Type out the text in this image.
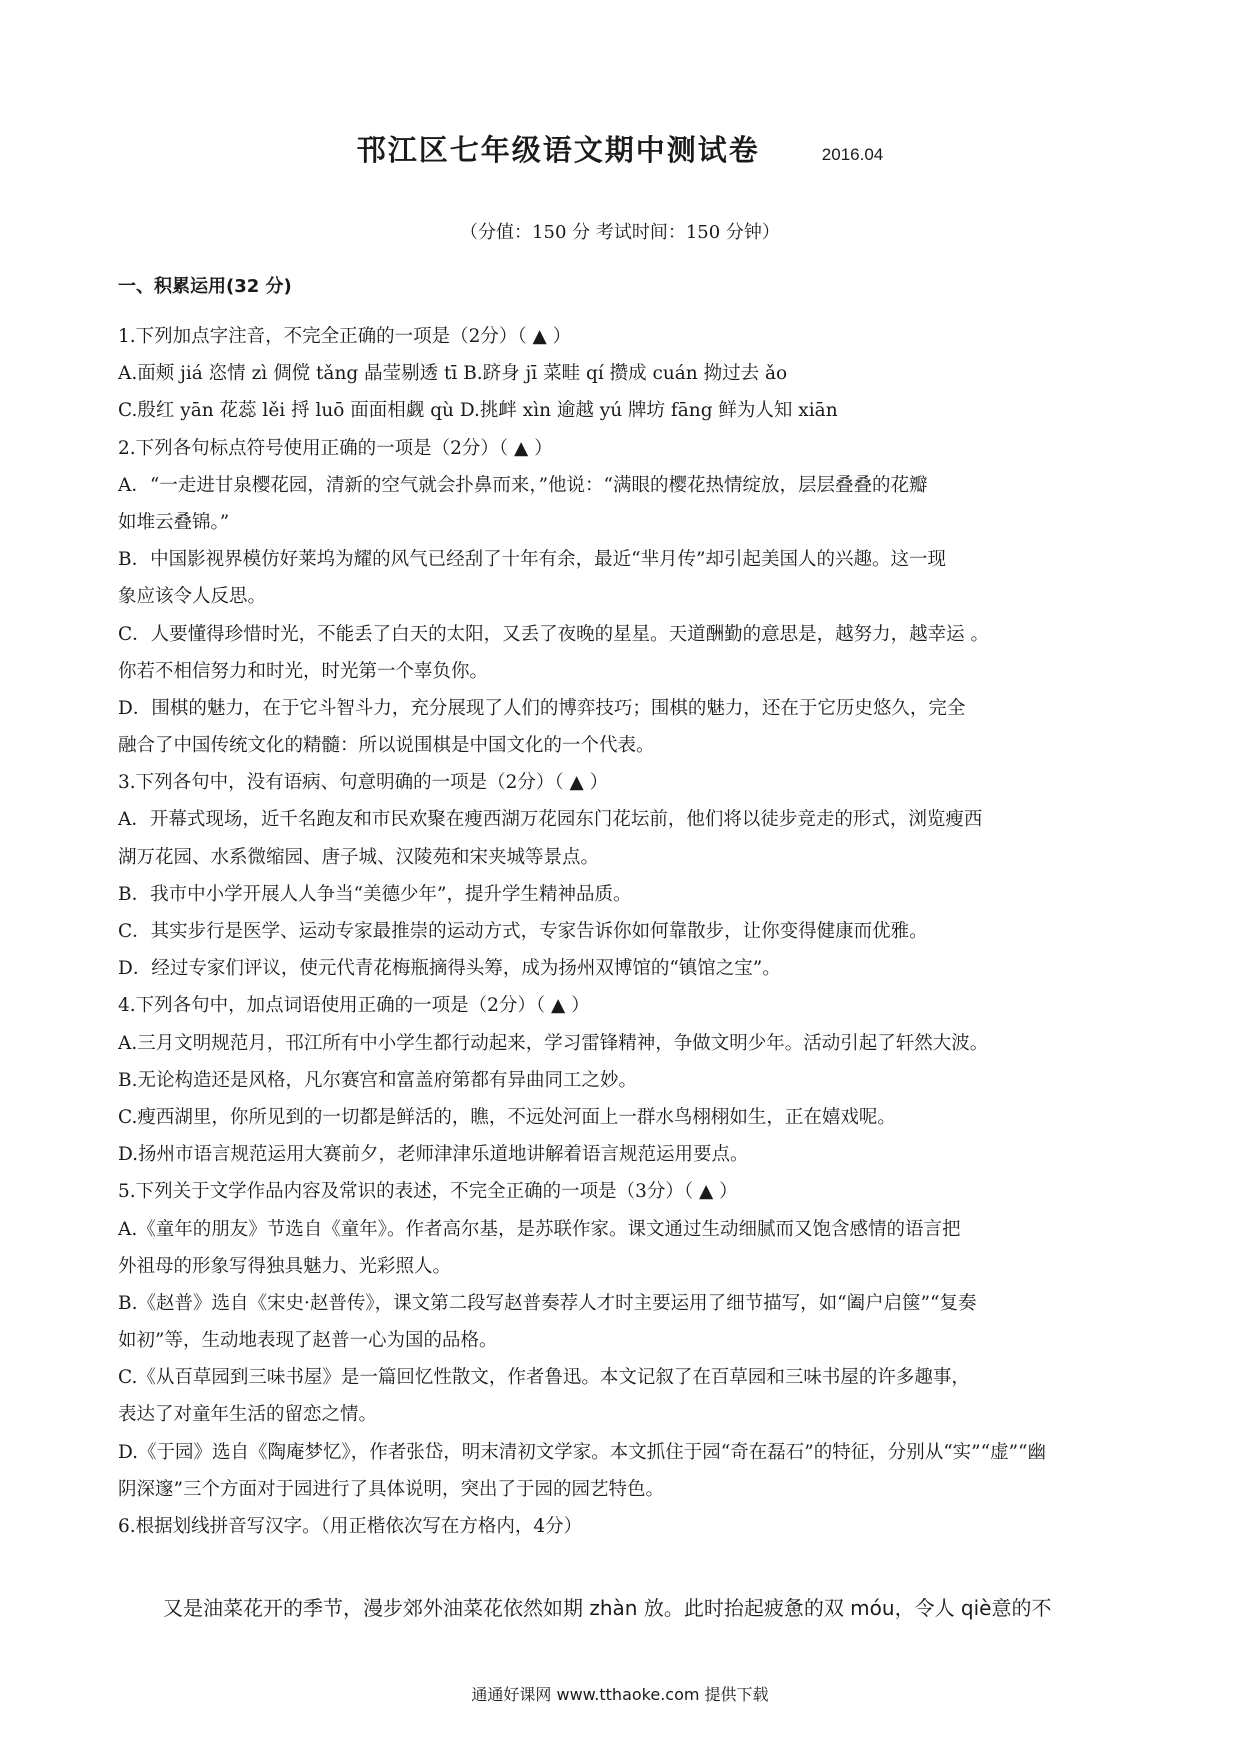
邗江区七年级语文期中测试卷	2016.04
（分值：150 分 考试时间：150 分钟）
一、积累运用(32 分)
1.下列加点字注音，不完全正确的一项是（2分）（ ▲ ）
A.面颊 jiá 恣情 zì 倜傥 tǎng 晶莹剔透 tī B.跻身 jī 菜畦 qí 攒成 cuán 拗过去 ǎo
C.殷红 yān 花蕊 lěi 捋 luō 面面相觑 qù D.挑衅 xìn 逾越 yú 牌坊 fāng 鲜为人知 xiān
2.下列各句标点符号使用正确的一项是（2分）（ ▲ ）
A．“一走进甘泉樱花园，清新的空气就会扑鼻而来，”他说：“满眼的樱花热情绽放，层层叠叠的花瓣
如堆云叠锦。”
B．中国影视界模仿好莱坞为耀的风气已经刮了十年有余，最近“芈月传”却引起美国人的兴趣。这一现
象应该令人反思。
C．人要懂得珍惜时光，不能丢了白天的太阳，又丢了夜晚的星星。天道酬勤的意思是，越努力，越幸运 。
你若不相信努力和时光，时光第一个辜负你。
D．围棋的魅力，在于它斗智斗力，充分展现了人们的博弈技巧；围棋的魅力，还在于它历史悠久，完全
融合了中国传统文化的精髓：所以说围棋是中国文化的一个代表。
3.下列各句中，没有语病、句意明确的一项是（2分）（ ▲ ）
A．开幕式现场，近千名跑友和市民欢聚在瘦西湖万花园东门花坛前，他们将以徒步竞走的形式，浏览瘦西
湖万花园、水系微缩园、唐子城、汉陵苑和宋夹城等景点。
B．我市中小学开展人人争当“美德少年”，提升学生精神品质。
C．其实步行是医学、运动专家最推崇的运动方式，专家告诉你如何靠散步，让你变得健康而优雅。
D．经过专家们评议，使元代青花梅瓶摘得头筹，成为扬州双博馆的“镇馆之宝”。
4.下列各句中，加点词语使用正确的一项是（2分）（ ▲ ）
A.三月文明规范月，邗江所有中小学生都行动起来，学习雷锋精神，争做文明少年。活动引起了轩然大波。
B.无论构造还是风格，凡尔赛宫和富盖府第都有异曲同工之妙。
C.瘦西湖里，你所见到的一切都是鲜活的，瞧，不远处河面上一群水鸟栩栩如生，正在嬉戏呢。
D.扬州市语言规范运用大赛前夕，老师津津乐道地讲解着语言规范运用要点。
5.下列关于文学作品内容及常识的表述，不完全正确的一项是（3分）（ ▲ ）
A.《童年的朋友》节选自《童年》。作者高尔基，是苏联作家。课文通过生动细腻而又饱含感情的语言把
外祖母的形象写得独具魅力、光彩照人。
B.《赵普》选自《宋史·赵普传》，课文第二段写赵普奏荐人才时主要运用了细节描写，如“阖户启箧”“复奏
如初”等，生动地表现了赵普一心为国的品格。
C.《从百草园到三味书屋》是一篇回忆性散文，作者鲁迅。本文记叙了在百草园和三味书屋的许多趣事，
表达了对童年生活的留恋之情。
D.《于园》选自《陶庵梦忆》，作者张岱，明末清初文学家。本文抓住于园“奇在磊石”的特征，分别从“实”“虚”“幽
阴深邃”三个方面对于园进行了具体说明，突出了于园的园艺特色。
6.根据划线拼音写汉字。（用正楷依次写在方格内，4分）
又是油菜花开的季节，漫步郊外油菜花依然如期 zhàn 放。此时抬起疲惫的双 móu，令人 qiè意的不
通通好课网 www.tthaoke.com 提供下载
